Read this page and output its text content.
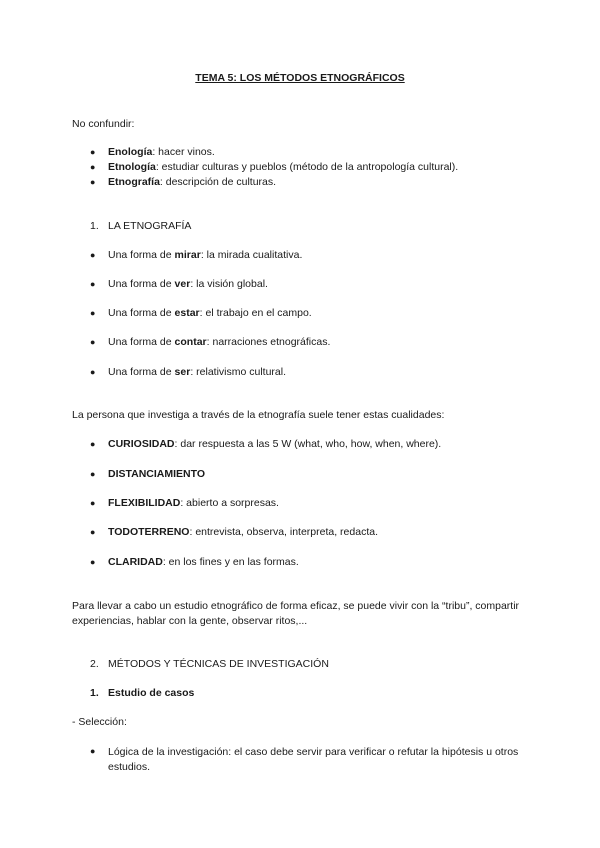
TEMA 5: LOS MÉTODOS ETNOGRÁFICOS
No confundir:
● Enología: hacer vinos.
● Etnología: estudiar culturas y pueblos (método de la antropología cultural).
● Etnografía: descripción de culturas.
1. LA ETNOGRAFÍA
● Una forma de mirar: la mirada cualitativa.
● Una forma de ver: la visión global.
● Una forma de estar: el trabajo en el campo.
● Una forma de contar: narraciones etnográficas.
● Una forma de ser: relativismo cultural.
La persona que investiga a través de la etnografía suele tener estas cualidades:
● CURIOSIDAD: dar respuesta a las 5 W (what, who, how, when, where).
● DISTANCIAMIENTO
● FLEXIBILIDAD: abierto a sorpresas.
● TODOTERRENO: entrevista, observa, interpreta, redacta.
● CLARIDAD: en los fines y en las formas.
Para llevar a cabo un estudio etnográfico de forma eficaz, se puede vivir con la “tribu”, compartir experiencias, hablar con la gente, observar ritos,...
2. MÉTODOS Y TÉCNICAS DE INVESTIGACIÓN
1. Estudio de casos
- Selección:
● Lógica de la investigación: el caso debe servir para verificar o refutar la hipótesis u otros estudios.
